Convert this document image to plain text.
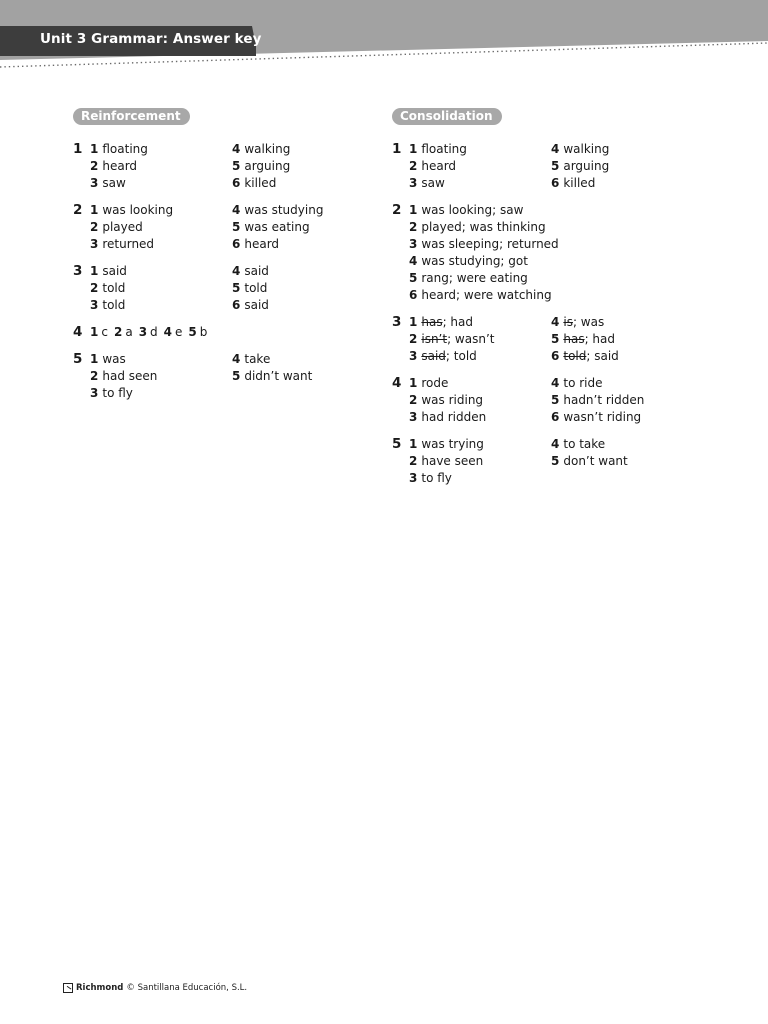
Unit 3 Grammar: Answer key
Reinforcement
1 1 floating
2 heard
3 saw
4 walking
5 arguing
6 killed
2 1 was looking
2 played
3 returned
4 was studying
5 was eating
6 heard
3 1 said
2 told
3 told
4 said
5 told
6 said
4 1 c 2 a 3 d 4 e 5 b
5 1 was
2 had seen
3 to fly
4 take
5 didn’t want
Consolidation
1 1 floating
2 heard
3 saw
4 walking
5 arguing
6 killed
2 1 was looking; saw
2 played; was thinking
3 was sleeping; returned
4 was studying; got
5 rang; were eating
6 heard; were watching
3 1 has; had
2 isn’t; wasn’t
3 said; told
4 is; was
5 has; had
6 told; said
4 1 rode
2 was riding
3 had ridden
4 to ride
5 hadn’t ridden
6 wasn’t riding
5 1 was trying
2 have seen
3 to fly
4 to take
5 don’t want
Richmond © Santillana Educación, S.L.
